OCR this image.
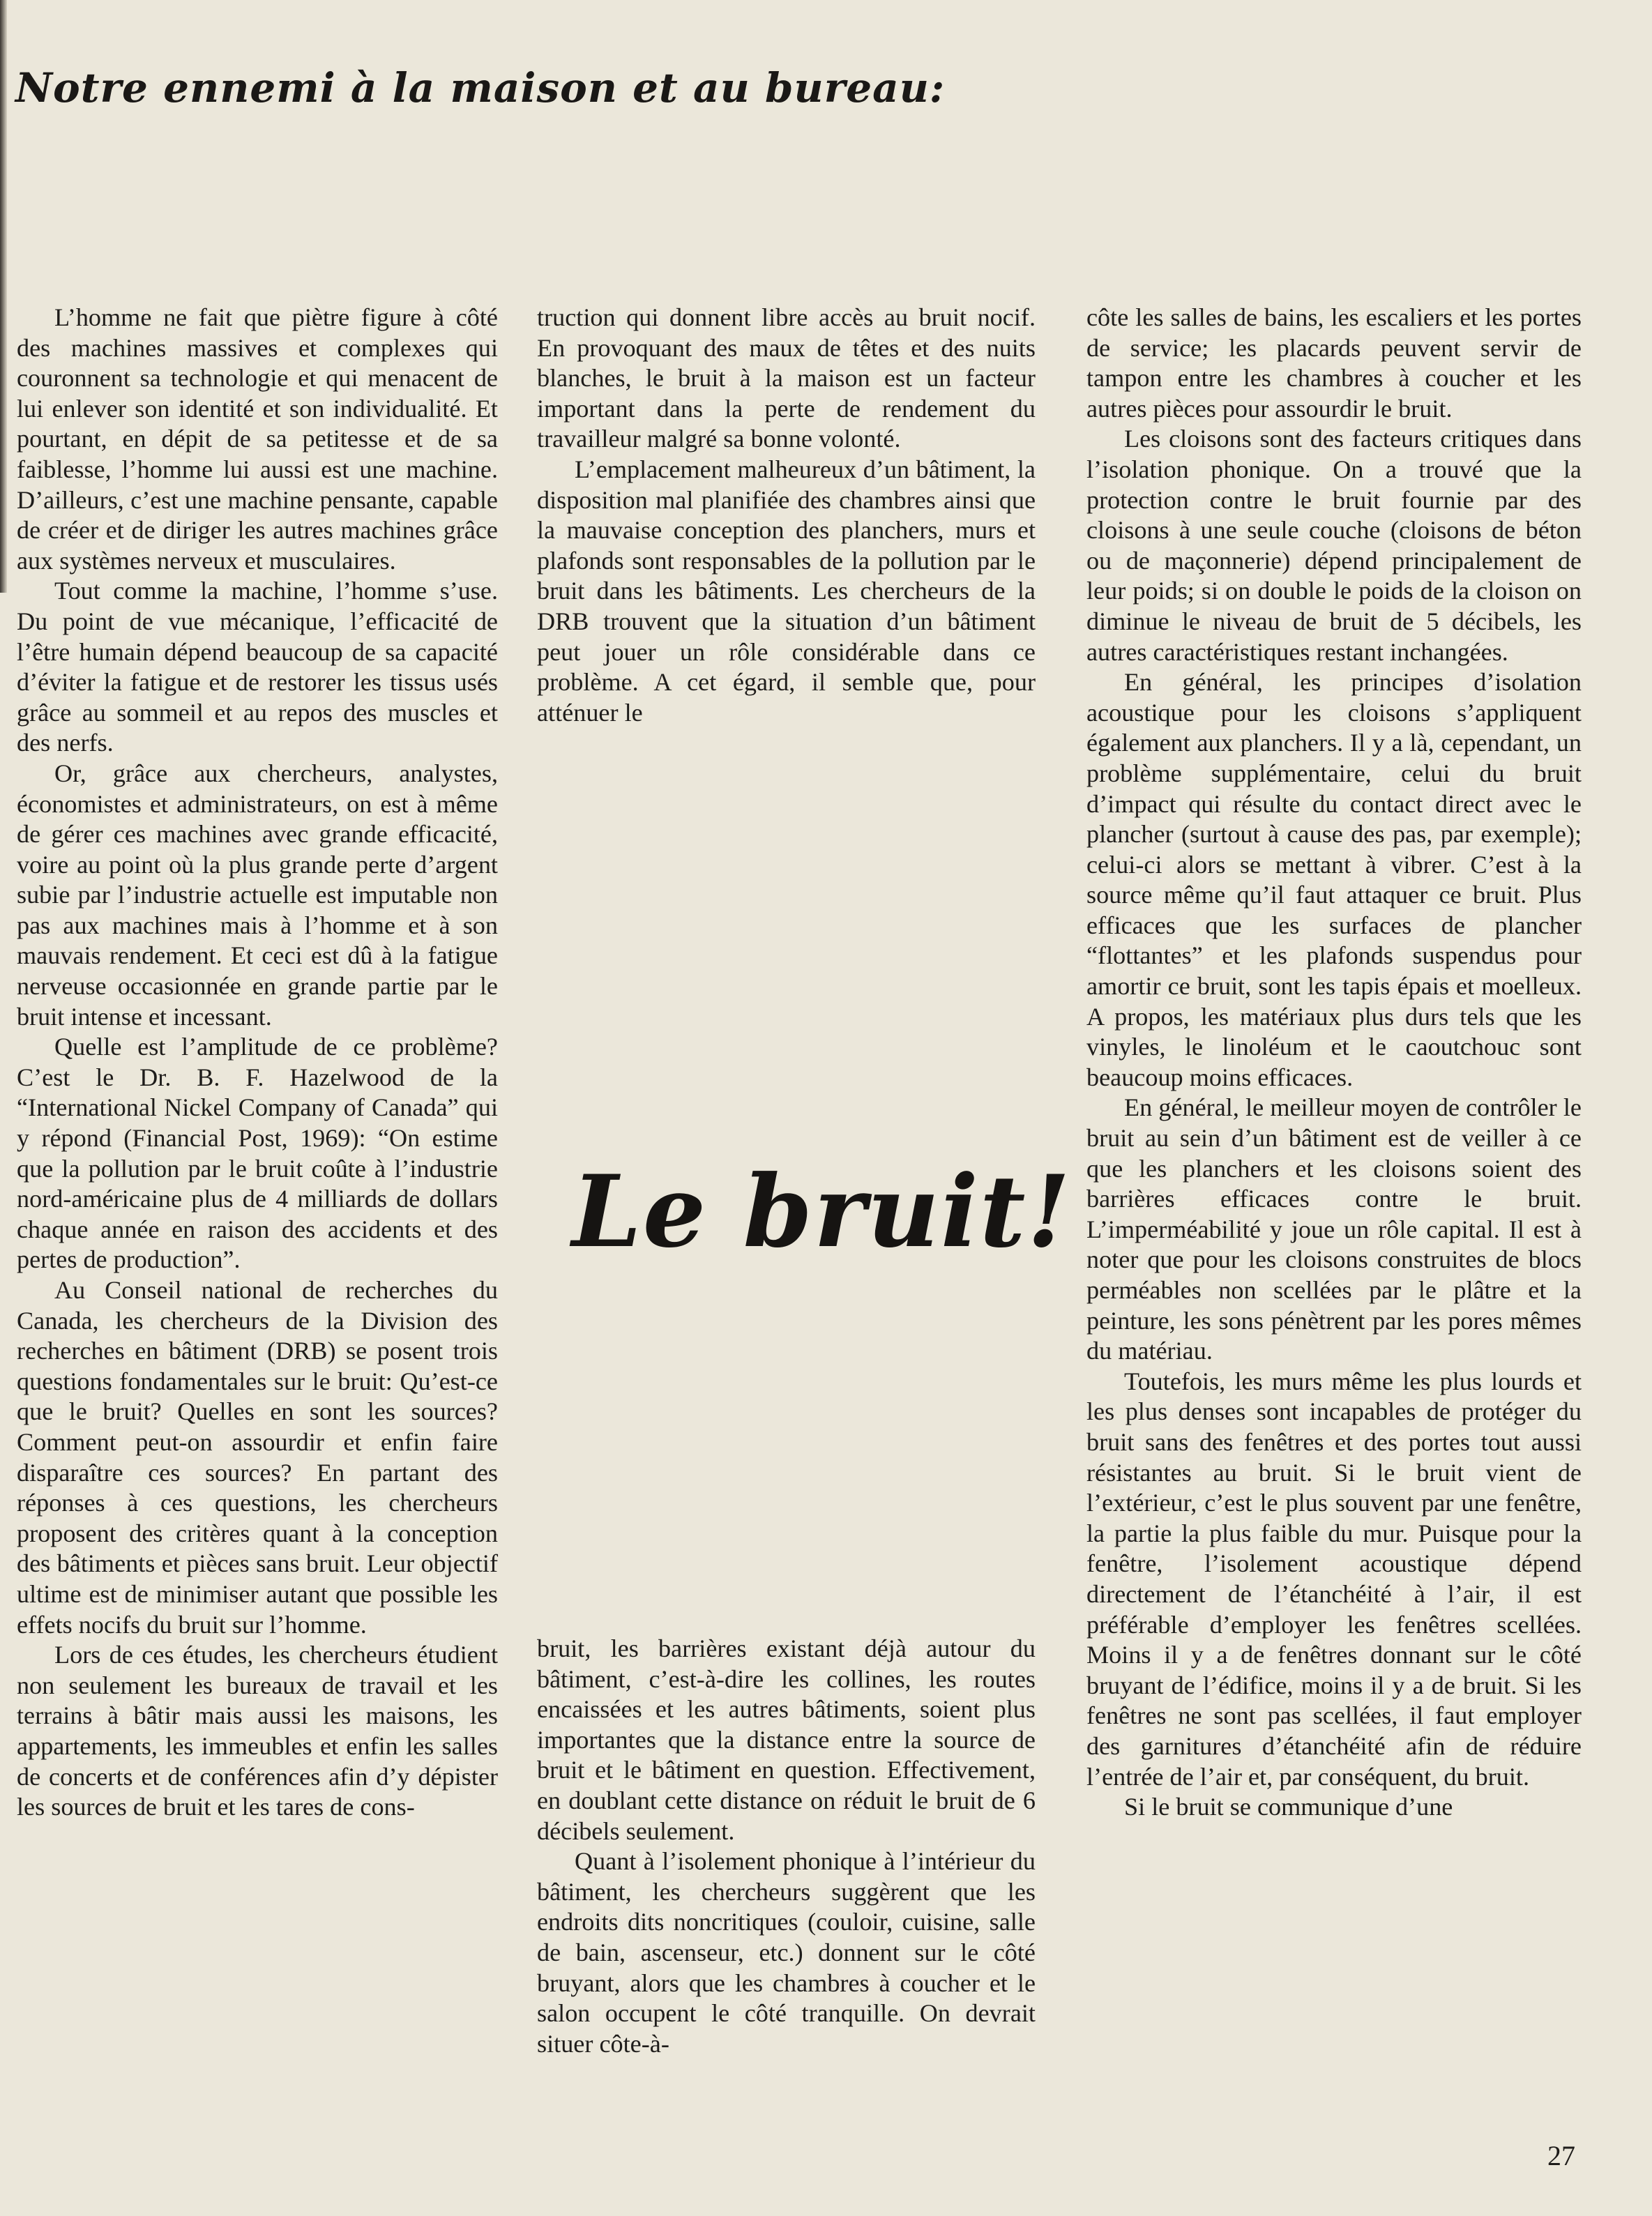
Notre ennemi à la maison et au bureau:

L’homme ne fait que piètre figure à côté des machines massives et complexes qui couronnent sa technologie et qui menacent de lui enlever son identité et son individualité. Et pourtant, en dépit de sa petitesse et de sa faiblesse, l’homme lui aussi est une machine. D’ailleurs, c’est une machine pensante, capable de créer et de diriger les autres machines grâce aux systèmes nerveux et musculaires.

Tout comme la machine, l’homme s’use. Du point de vue mécanique, l’efficacité de l’être humain dépend beaucoup de sa capacité d’éviter la fatigue et de restorer les tissus usés grâce au sommeil et au repos des muscles et des nerfs.

Or, grâce aux chercheurs, analystes, économistes et administrateurs, on est à même de gérer ces machines avec grande efficacité, voire au point où la plus grande perte d’argent subie par l’industrie actuelle est imputable non pas aux machines mais à l’homme et à son mauvais rendement. Et ceci est dû à la fatigue nerveuse occasionnée en grande partie par le bruit intense et incessant.

Quelle est l’amplitude de ce problème? C’est le Dr. B. F. Hazelwood de la “International Nickel Company of Canada” qui y répond (Financial Post, 1969): “On estime que la pollution par le bruit coûte à l’industrie nord-américaine plus de 4 milliards de dollars chaque année en raison des accidents et des pertes de production”.

Au Conseil national de recherches du Canada, les chercheurs de la Division des recherches en bâtiment (DRB) se posent trois questions fondamentales sur le bruit: Qu’est-ce que le bruit? Quelles en sont les sources? Comment peut-on assourdir et enfin faire disparaître ces sources? En partant des réponses à ces questions, les chercheurs proposent des critères quant à la conception des bâtiments et pièces sans bruit. Leur objectif ultime est de minimiser autant que possible les effets nocifs du bruit sur l’homme.

Lors de ces études, les chercheurs étudient non seulement les bureaux de travail et les terrains à bâtir mais aussi les maisons, les appartements, les immeubles et enfin les salles de concerts et de conférences afin d’y dépister les sources de bruit et les tares de cons-

truction qui donnent libre accès au bruit nocif. En provoquant des maux de têtes et des nuits blanches, le bruit à la maison est un facteur important dans la perte de rendement du travailleur malgré sa bonne volonté.

L’emplacement malheureux d’un bâtiment, la disposition mal planifiée des chambres ainsi que la mauvaise conception des planchers, murs et plafonds sont responsables de la pollution par le bruit dans les bâtiments. Les chercheurs de la DRB trouvent que la situation d’un bâtiment peut jouer un rôle considérable dans ce problème. A cet égard, il semble que, pour atténuer le

Le bruit!

bruit, les barrières existant déjà autour du bâtiment, c’est-à-dire les collines, les routes encaissées et les autres bâtiments, soient plus importantes que la distance entre la source de bruit et le bâtiment en question. Effectivement, en doublant cette distance on réduit le bruit de 6 décibels seulement.

Quant à l’isolement phonique à l’intérieur du bâtiment, les chercheurs suggèrent que les endroits dits noncritiques (couloir, cuisine, salle de bain, ascenseur, etc.) donnent sur le côté bruyant, alors que les chambres à coucher et le salon occupent le côté tranquille. On devrait situer côte-à-

côte les salles de bains, les escaliers et les portes de service; les placards peuvent servir de tampon entre les chambres à coucher et les autres pièces pour assourdir le bruit.

Les cloisons sont des facteurs critiques dans l’isolation phonique. On a trouvé que la protection contre le bruit fournie par des cloisons à une seule couche (cloisons de béton ou de maçonnerie) dépend principalement de leur poids; si on double le poids de la cloison on diminue le niveau de bruit de 5 décibels, les autres caractéristiques restant inchangées.

En général, les principes d’isolation acoustique pour les cloisons s’appliquent également aux planchers. Il y a là, cependant, un problème supplémentaire, celui du bruit d’impact qui résulte du contact direct avec le plancher (surtout à cause des pas, par exemple); celui-ci alors se mettant à vibrer. C’est à la source même qu’il faut attaquer ce bruit. Plus efficaces que les surfaces de plancher “flottantes” et les plafonds suspendus pour amortir ce bruit, sont les tapis épais et moelleux. A propos, les matériaux plus durs tels que les vinyles, le linoléum et le caoutchouc sont beaucoup moins efficaces.

En général, le meilleur moyen de contrôler le bruit au sein d’un bâtiment est de veiller à ce que les planchers et les cloisons soient des barrières efficaces contre le bruit. L’imperméabilité y joue un rôle capital. Il est à noter que pour les cloisons construites de blocs perméables non scellées par le plâtre et la peinture, les sons pénètrent par les pores mêmes du matériau.

Toutefois, les murs même les plus lourds et les plus denses sont incapables de protéger du bruit sans des fenêtres et des portes tout aussi résistantes au bruit. Si le bruit vient de l’extérieur, c’est le plus souvent par une fenêtre, la partie la plus faible du mur. Puisque pour la fenêtre, l’isolement acoustique dépend directement de l’étanchéité à l’air, il est préférable d’employer les fenêtres scellées. Moins il y a de fenêtres donnant sur le côté bruyant de l’édifice, moins il y a de bruit. Si les fenêtres ne sont pas scellées, il faut employer des garnitures d’étanchéité afin de réduire l’entrée de l’air et, par conséquent, du bruit.

Si le bruit se communique d’une

27
